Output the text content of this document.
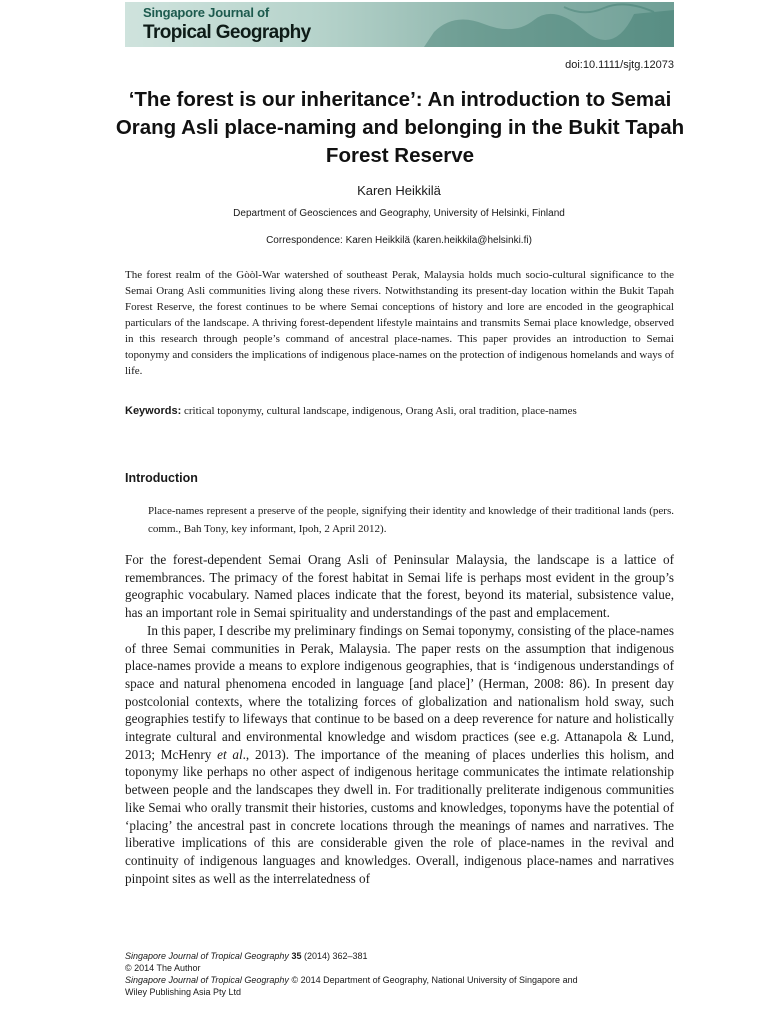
Singapore Journal of
Tropical Geography
doi:10.1111/sjtg.12073
‘The forest is our inheritance’: An introduction to Semai Orang Asli place-naming and belonging in the Bukit Tapah Forest Reserve
Karen Heikkilä
Department of Geosciences and Geography, University of Helsinki, Finland
Correspondence: Karen Heikkilä (karen.heikkila@helsinki.fi)

The forest realm of the Gòòl-War watershed of southeast Perak, Malaysia holds much socio-cultural significance to the Semai Orang Asli communities living along these rivers. Notwithstanding its present-day location within the Bukit Tapah Forest Reserve, the forest continues to be where Semai conceptions of history and lore are encoded in the geographical particulars of the landscape. A thriving forest-dependent lifestyle maintains and transmits Semai place knowledge, observed in this research through people’s command of ancestral place-names. This paper provides an introduction to Semai toponymy and considers the implications of indigenous place-names on the protection of indigenous homelands and ways of life.

Keywords: critical toponymy, cultural landscape, indigenous, Orang Asli, oral tradition, place-names

Introduction

Place-names represent a preserve of the people, signifying their identity and knowledge of their traditional lands (pers. comm., Bah Tony, key informant, Ipoh, 2 April 2012).

For the forest-dependent Semai Orang Asli of Peninsular Malaysia, the landscape is a lattice of remembrances. The primacy of the forest habitat in Semai life is perhaps most evident in the group’s geographic vocabulary. Named places indicate that the forest, beyond its material, subsistence value, has an important role in Semai spirituality and understandings of the past and emplacement.

In this paper, I describe my preliminary findings on Semai toponymy, consisting of the place-names of three Semai communities in Perak, Malaysia. The paper rests on the assumption that indigenous place-names provide a means to explore indigenous geographies, that is ‘indigenous understandings of space and natural phenomena encoded in language [and place]’ (Herman, 2008: 86). In present day postcolonial contexts, where the totalizing forces of globalization and nationalism hold sway, such geographies testify to lifeways that continue to be based on a deep reverence for nature and holistically integrate cultural and environmental knowledge and wisdom practices (see e.g. Attanapola & Lund, 2013; McHenry et al., 2013). The importance of the meaning of places underlies this holism, and toponymy like perhaps no other aspect of indigenous heritage communicates the intimate relationship between people and the landscapes they dwell in. For traditionally preliterate indigenous communities like Semai who orally transmit their histories, customs and knowledges, toponyms have the potential of ‘placing’ the ancestral past in concrete locations through the meanings of names and narratives. The liberative implications of this are considerable given the role of place-names in the revival and continuity of indigenous languages and knowledges. Overall, indigenous place-names and narratives pinpoint sites as well as the interrelatedness of

Singapore Journal of Tropical Geography 35 (2014) 362–381
© 2014 The Author
Singapore Journal of Tropical Geography © 2014 Department of Geography, National University of Singapore and
Wiley Publishing Asia Pty Ltd
